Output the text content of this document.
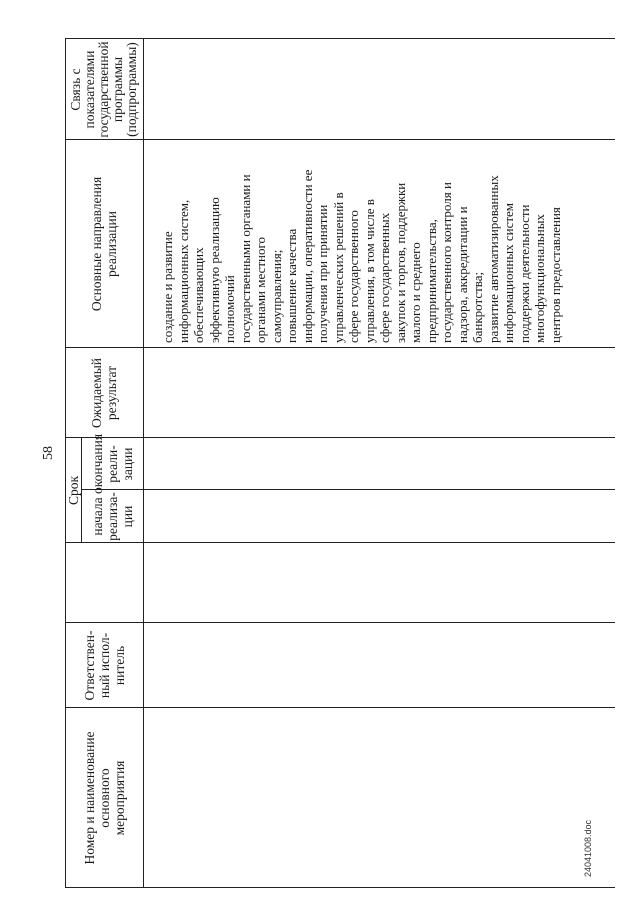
58
Номер и наименование основного мероприятия
Ответствен- ный испол- нитель
Срок
начала реализа- ции
окончания реали- зации
Ожидаемый результат
Основные направления реализации
Связь с показателями государственной программы (подпрограммы)
создание и развитие информационных систем, обеспечивающих эффективную реализацию полномочий государственными органами и органами местного самоуправления; повышение качества информации, оперативности ее получения при принятии управленческих решений в сфере государственного управления, в том числе в сфере государственных закупок и торгов, поддержки малого и среднего предпринимательства, государственного контроля и надзора, аккредитации и банкротства; развитие автоматизированных информационных систем поддержки деятельности многофункциональных центров предоставления
24041008.doc
